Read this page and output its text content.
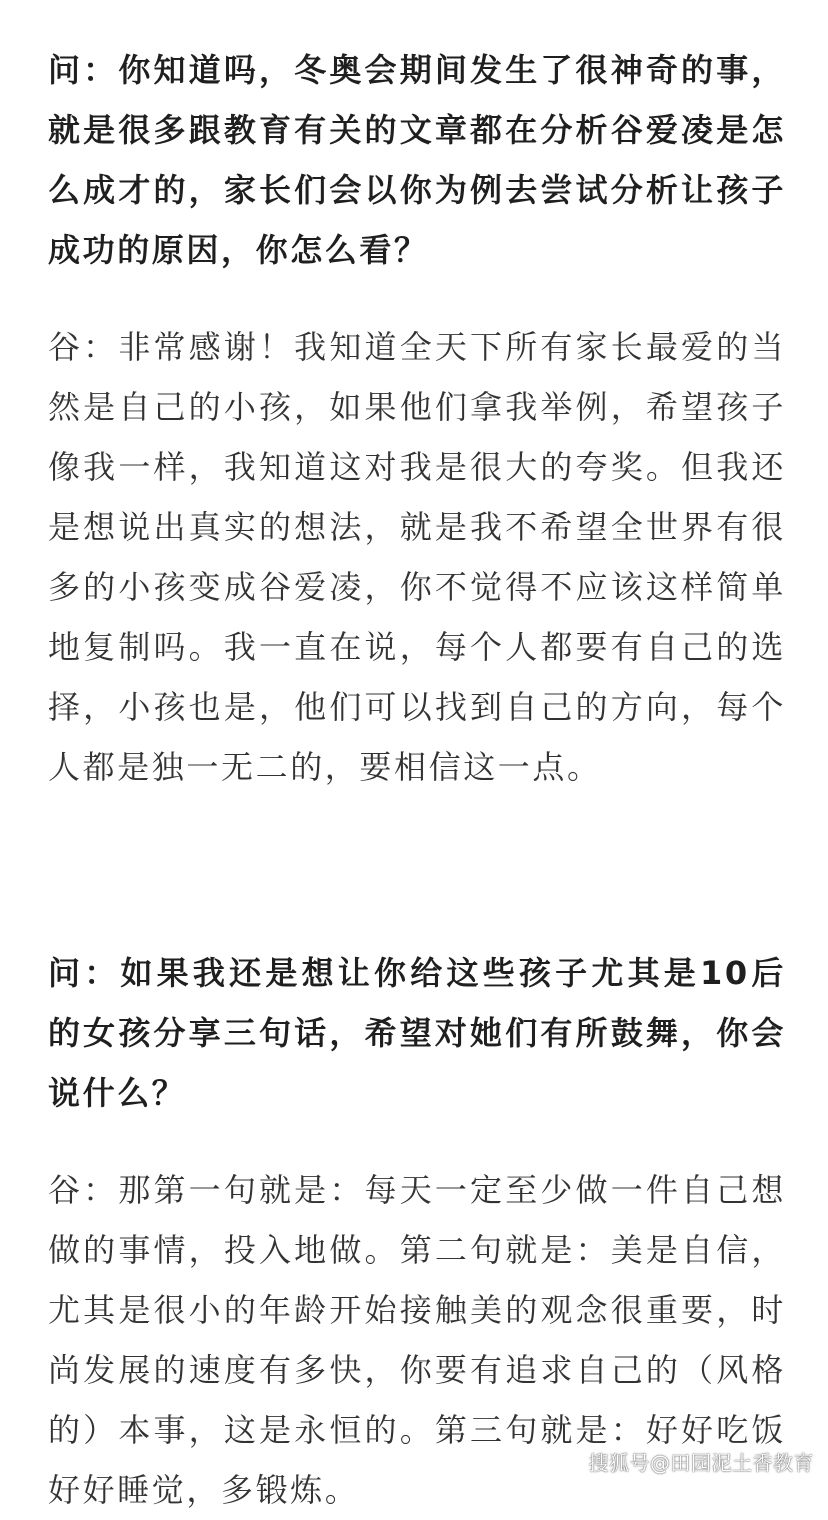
问：你知道吗，冬奥会期间发生了很神奇的事，就是很多跟教育有关的文章都在分析谷爱凌是怎么成才的，家长们会以你为例去尝试分析让孩子成功的原因，你怎么看？

谷：非常感谢！我知道全天下所有家长最爱的当然是自己的小孩，如果他们拿我举例，希望孩子像我一样，我知道这对我是很大的夸奖。但我还是想说出真实的想法，就是我不希望全世界有很多的小孩变成谷爱凌，你不觉得不应该这样简单地复制吗。我一直在说，每个人都要有自己的选择，小孩也是，他们可以找到自己的方向，每个人都是独一无二的，要相信这一点。

问：如果我还是想让你给这些孩子尤其是10后的女孩分享三句话，希望对她们有所鼓舞，你会说什么？

谷：那第一句就是：每天一定至少做一件自己想做的事情，投入地做。第二句就是：美是自信，尤其是很小的年龄开始接触美的观念很重要，时尚发展的速度有多快，你要有追求自己的（风格的）本事，这是永恒的。第三句就是：好好吃饭好好睡觉，多锻炼。

搜狐号@田园泥土香教育
